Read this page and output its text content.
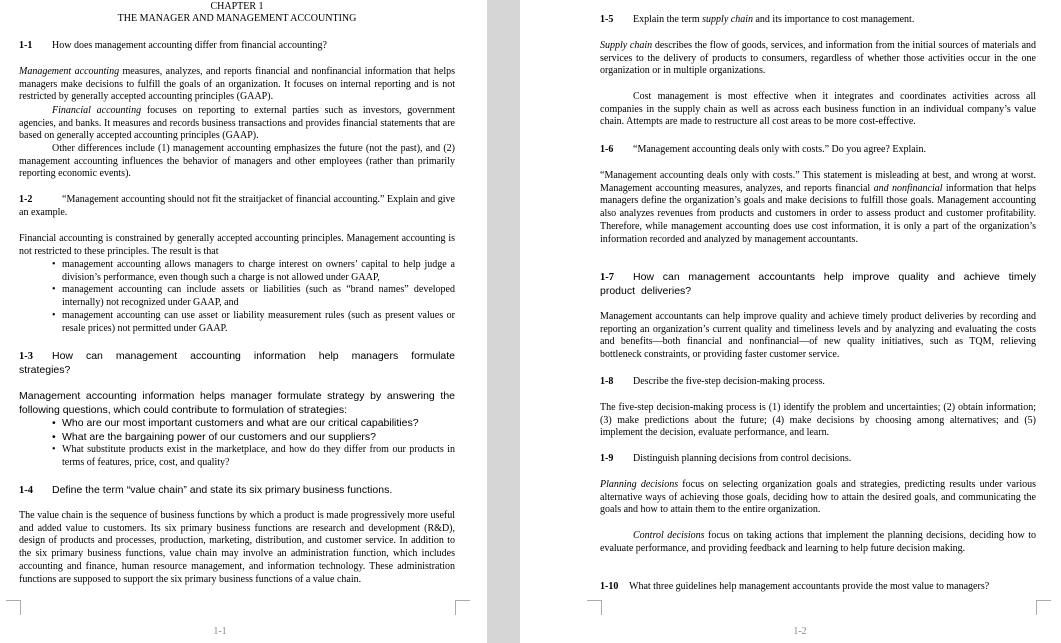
CHAPTER 1
THE MANAGER AND MANAGEMENT ACCOUNTING

1-1 How does management accounting differ from financial accounting?

Management accounting measures, analyzes, and reports financial and nonfinancial information that helps managers make decisions to fulfill the goals of an organization. It focuses on internal reporting and is not restricted by generally accepted accounting principles (GAAP).

Financial accounting focuses on reporting to external parties such as investors, government agencies, and banks. It measures and records business transactions and provides financial statements that are based on generally accepted accounting principles (GAAP).

Other differences include (1) management accounting emphasizes the future (not the past), and (2) management accounting influences the behavior of managers and other employees (rather than primarily reporting economic events).

1-2	“Management accounting should not fit the straitjacket of financial accounting.” Explain and give an example.

Financial accounting is constrained by generally accepted accounting principles. Management accounting is not restricted to these principles. The result is that

• management accounting allows managers to charge interest on owners’ capital to help judge a division’s performance, even though such a charge is not allowed under GAAP,
• management accounting can include assets or liabilities (such as “brand names” developed internally) not recognized under GAAP, and
• management accounting can use asset or liability measurement rules (such as present values or resale prices) not permitted under GAAP.

1-3 How can management accounting information help managers formulate strategies?

Management accounting information helps manager formulate strategy by answering the following questions, which could contribute to formulation of strategies:

• Who are our most important customers and what are our critical capabilities?
• What are the bargaining power of our customers and our suppliers?
• What substitute products exist in the marketplace, and how do they differ from our products in terms of features, price, cost, and quality?

1-4 Define the term “value chain” and state its six primary business functions.

The value chain is the sequence of business functions by which a product is made progressively more useful and added value to customers. Its six primary business functions are research and development (R&D), design of products and processes, production, marketing, distribution, and customer service. In addition to the six primary business functions, value chain may involve an administration function, which includes accounting and finance, human resource management, and information technology. These administration functions are supposed to support the six primary business functions of a value chain.

1-1

1-5 Explain the term supply chain and its importance to cost management.

Supply chain describes the flow of goods, services, and information from the initial sources of materials and services to the delivery of products to consumers, regardless of whether those activities occur in the one organization or in multiple organizations.

Cost management is most effective when it integrates and coordinates activities across all companies in the supply chain as well as across each business function in an individual company’s value chain. Attempts are made to restructure all cost areas to be more cost-effective.

1-6 “Management accounting deals only with costs.” Do you agree? Explain.

“Management accounting deals only with costs.” This statement is misleading at best, and wrong at worst. Management accounting measures, analyzes, and reports financial and nonfinancial information that helps managers define the organization’s goals and make decisions to fulfill those goals. Management accounting also analyzes revenues from products and customers in order to assess product and customer profitability. Therefore, while management accounting does use cost information, it is only a part of the organization’s information recorded and analyzed by management accountants.

1-7 How can management accountants help improve quality and achieve timely product deliveries?

Management accountants can help improve quality and achieve timely product deliveries by recording and reporting an organization’s current quality and timeliness levels and by analyzing and evaluating the costs and benefits—both financial and nonfinancial—of new quality initiatives, such as TQM, relieving bottleneck constraints, or providing faster customer service.

1-8 Describe the five-step decision-making process.

The five-step decision-making process is (1) identify the problem and uncertainties; (2) obtain information; (3) make predictions about the future; (4) make decisions by choosing among alternatives; and (5) implement the decision, evaluate performance, and learn.

1-9 Distinguish planning decisions from control decisions.

Planning decisions focus on selecting organization goals and strategies, predicting results under various alternative ways of achieving those goals, deciding how to attain the desired goals, and communicating the goals and how to attain them to the entire organization.

Control decisions focus on taking actions that implement the planning decisions, deciding how to evaluate performance, and providing feedback and learning to help future decision making.

1-10 What three guidelines help management accountants provide the most value to managers?

1-2
